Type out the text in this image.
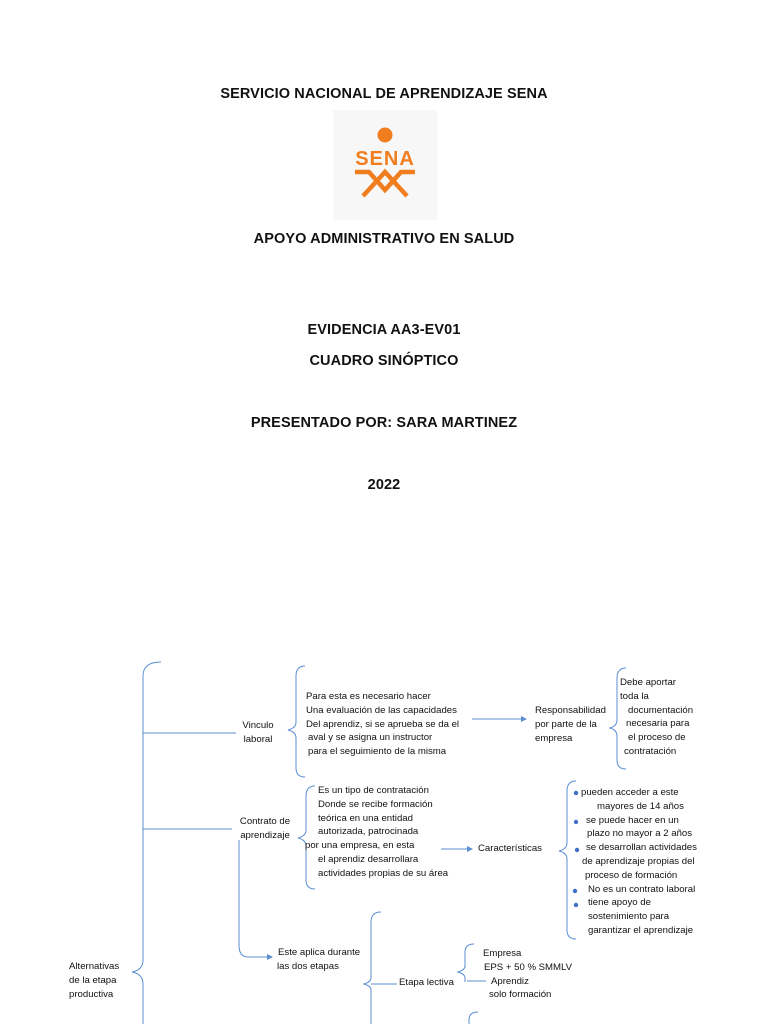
SERVICIO NACIONAL DE APRENDIZAJE SENA
SENA
APOYO ADMINISTRATIVO EN SALUD
EVIDENCIA AA3-EV01
CUADRO SINÓPTICO
PRESENTADO POR: SARA MARTINEZ
2022
Alternativas
de la etapa
productiva
Vinculo
laboral
Para esta es necesario hacer
Una evaluación de las capacidades
Del aprendiz, si se aprueba se da el
aval y se asigna un instructor
para el seguimiento de la misma
Responsabilidad
por parte de la
empresa
Debe aportar
toda la
documentación
necesaria para
el proceso de
contratación
Contrato de
aprendizaje
Es un tipo de contratación
Donde se recibe formación
teórica en una entidad
autorizada, patrocinada
por una empresa, en esta
el aprendiz desarrollara
actividades propias de su área
Características
pueden acceder a este
mayores de 14 años
se puede hacer en un
plazo no mayor a 2 años
se desarrollan actividades
de aprendizaje propias del
proceso de formación
No es un contrato laboral
tiene apoyo de
sostenimiento para
garantizar el aprendizaje
Este aplica durante
las dos etapas
Etapa lectiva
Empresa
EPS + 50 % SMMLV
Aprendiz
solo formación
